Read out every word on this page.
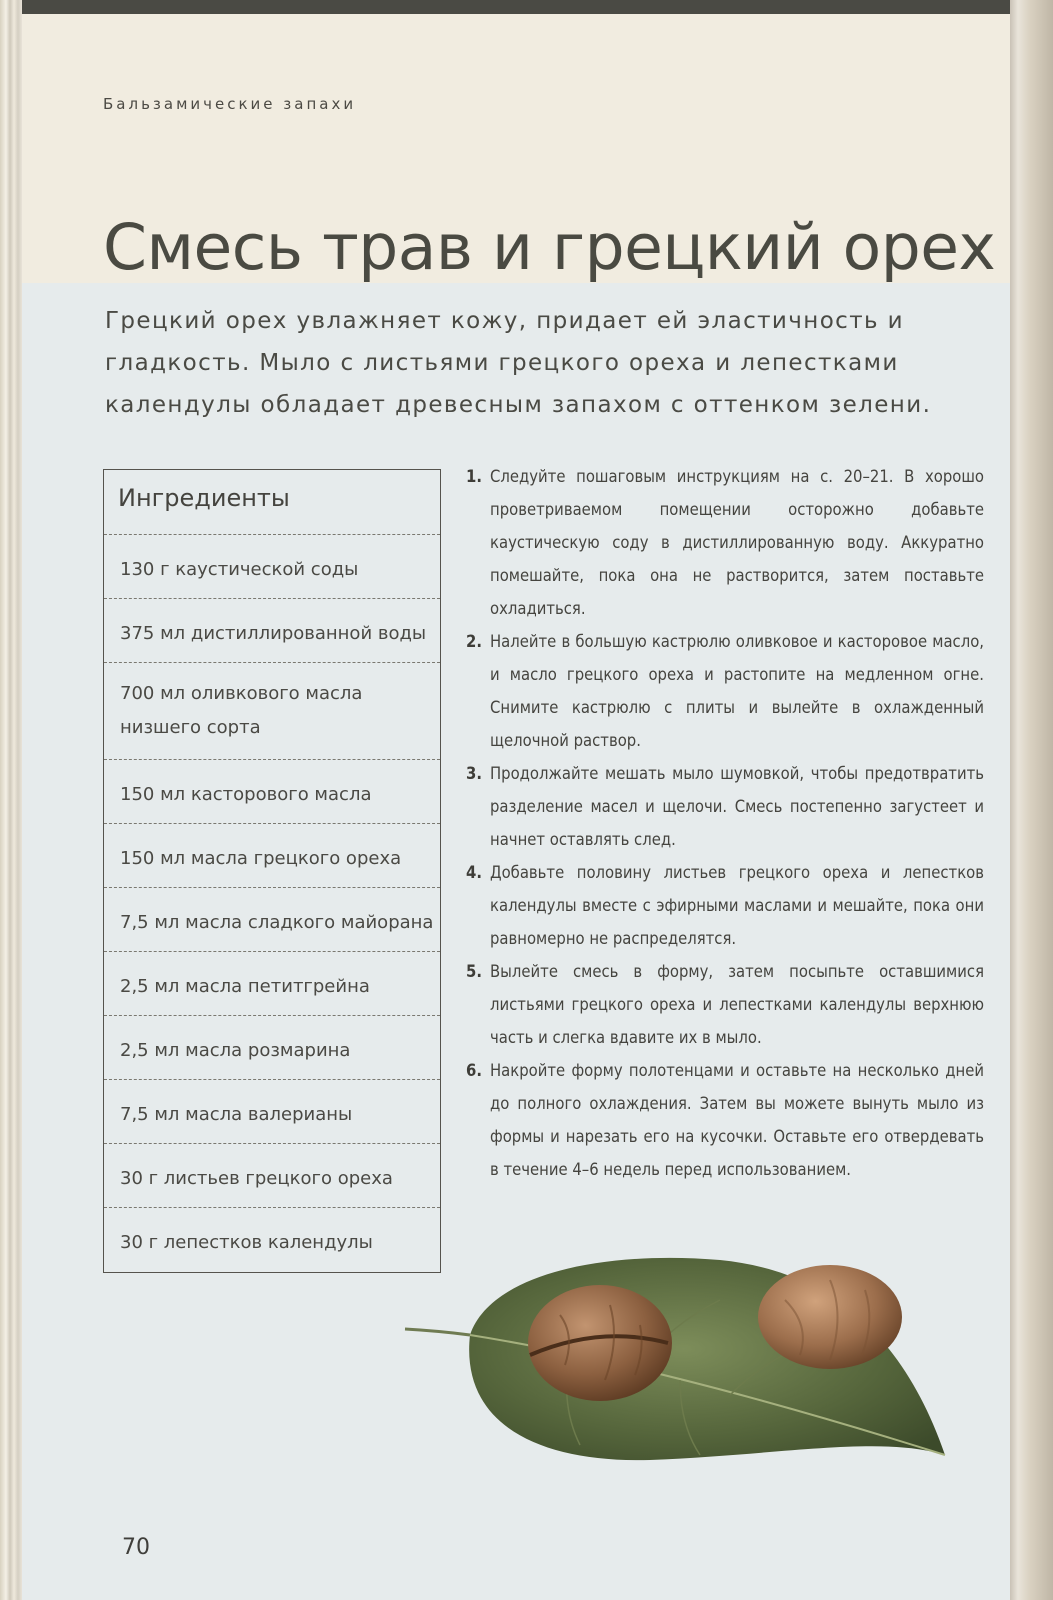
Бальзамические запахи
Смесь трав и грецкий орех
Грецкий орех увлажняет кожу, придает ей эластичность и гладкость. Мыло с листьями грецкого ореха и лепестками календулы обладает древесным запахом с оттенком зелени.
Ингредиенты
130 г каустической соды
375 мл дистиллированной воды
700 мл оливкового масла низшего сорта
150 мл касторового масла
150 мл масла грецкого ореха
7,5 мл масла сладкого майорана
2,5 мл масла петитгрейна
2,5 мл масла розмарина
7,5 мл масла валерианы
30 г листьев грецкого ореха
30 г лепестков календулы
1. Следуйте пошаговым инструкциям на с. 20–21. В хорошо проветриваемом помещении осторожно добавьте каустическую соду в дистиллированную воду. Аккуратно помешайте, пока она не растворится, затем поставьте охладиться.
2. Налейте в большую кастрюлю оливковое и касторовое масло, и масло грецкого ореха и растопите на медленном огне. Снимите кастрюлю с плиты и вылейте в охлажденный щелочной раствор.
3. Продолжайте мешать мыло шумовкой, чтобы предотвратить разделение масел и щелочи. Смесь постепенно загустеет и начнет оставлять след.
4. Добавьте половину листьев грецкого ореха и лепестков календулы вместе с эфирными маслами и мешайте, пока они равномерно не распределятся.
5. Вылейте смесь в форму, затем посыпьте оставшимися листьями грецкого ореха и лепестками календулы верхнюю часть и слегка вдавите их в мыло.
6. Накройте форму полотенцами и оставьте на несколько дней до полного охлаждения. Затем вы можете вынуть мыло из формы и нарезать его на кусочки. Оставьте его отвердевать в течение 4–6 недель перед использованием.
70
